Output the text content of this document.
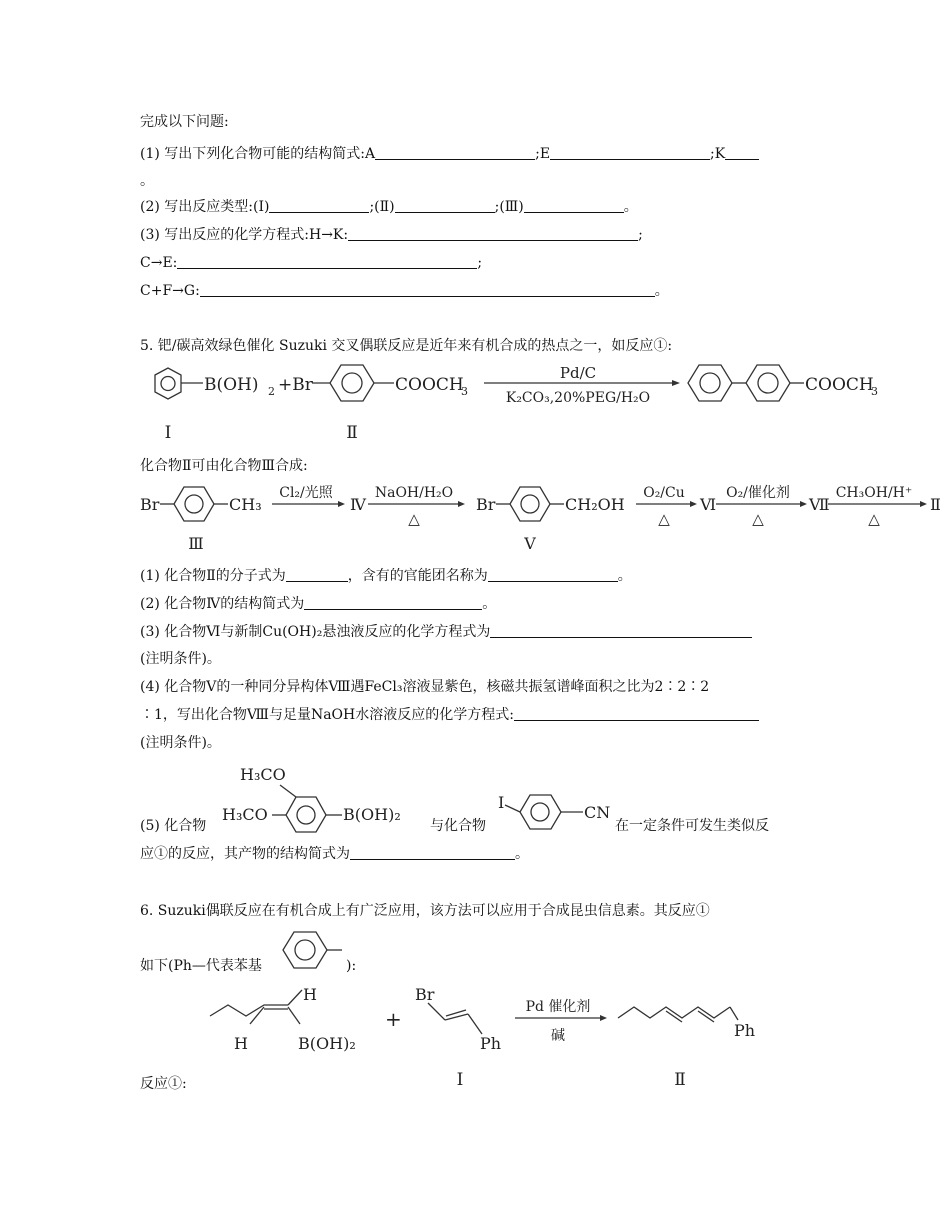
完成以下问题:
(1) 写出下列化合物可能的结构简式:A	;E	;K
。
(2) 写出反应类型:(Ⅰ)	;(Ⅱ)	;(Ⅲ)	。
(3) 写出反应的化学方程式:H→K:	;
C→E:	;
C+F→G:	。
5. 钯/碳高效绿色催化 Suzuki 交叉偶联反应是近年来有机合成的热点之一，如反应①:
B(OH) 2 +Br	COOCH
3
Pd/C
K₂CO₃,20%PEG/H₂O
COOCH
3
Ⅰ	Ⅱ
Br	CH₃
Cl₂/光照
Ⅳ
NaOH/H₂O
△
Br	CH₂OH
O₂/Cu
△
Ⅵ
O₂/催化剂
△
Ⅶ
CH₃OH/H⁺
△
Ⅱ
Ⅲ	Ⅴ
H₃CO
H₃CO	B(OH)₂
I
CN
H
H	B(OH)₂
+
Br
Ph
Pd 催化剂
碱	Ph
Ⅰ	Ⅱ
化合物Ⅱ可由化合物Ⅲ合成:
(1) 化合物Ⅱ的分子式为	，含有的官能团名称为	。
(2) 化合物Ⅳ的结构简式为	。
(3) 化合物Ⅵ与新制Cu(OH)₂悬浊液反应的化学方程式为
(注明条件)。
(4) 化合物Ⅴ的一种同分异构体Ⅷ遇FeCl₃溶液显紫色，核磁共振氢谱峰面积之比为2∶2∶2
∶1，写出化合物Ⅷ与足量NaOH水溶液反应的化学方程式:
(注明条件)。
(5) 化合物	与化合物	在一定条件可发生类似反
应①的反应，其产物的结构简式为	。
6. Suzuki偶联反应在有机合成上有广泛应用，该方法可以应用于合成昆虫信息素。其反应①
如下(Ph—代表苯基	):
反应①:
